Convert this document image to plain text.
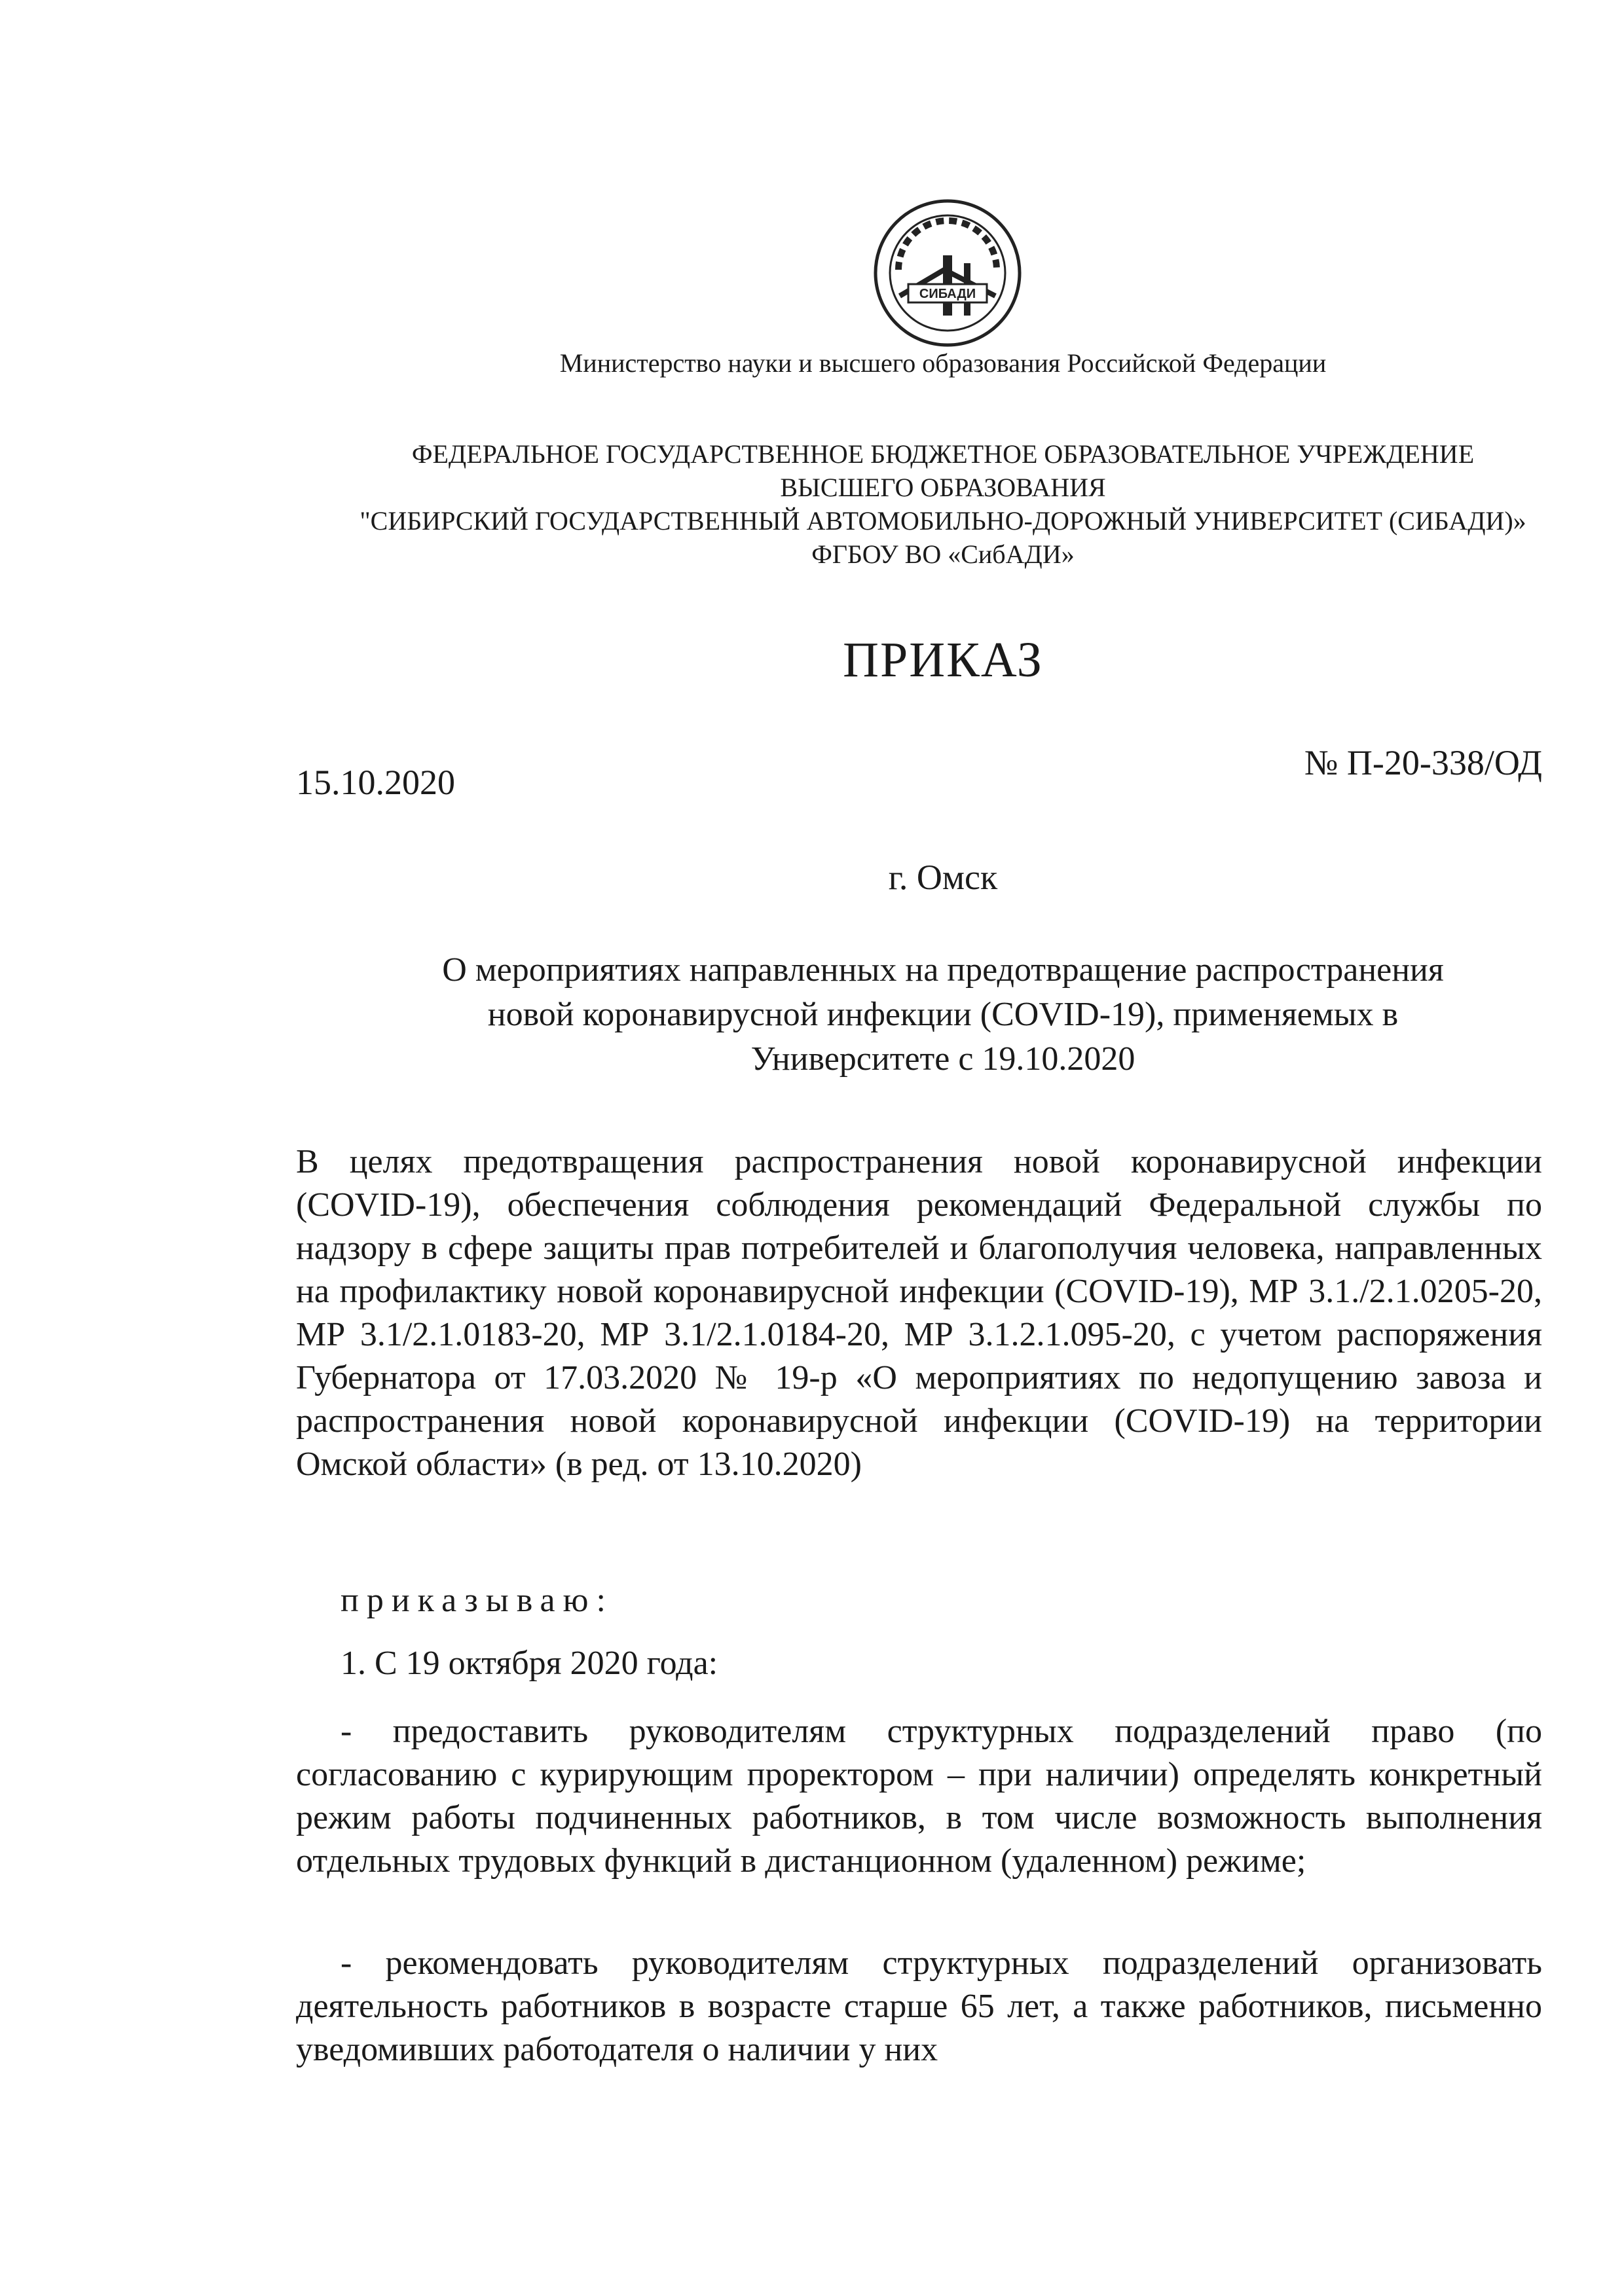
СИБАДИ
Министерство науки и высшего образования Российской Федерации
ФЕДЕРАЛЬНОЕ ГОСУДАРСТВЕННОЕ БЮДЖЕТНОЕ ОБРАЗОВАТЕЛЬНОЕ УЧРЕЖДЕНИЕ
ВЫСШЕГО ОБРАЗОВАНИЯ
"СИБИРСКИЙ ГОСУДАРСТВЕННЫЙ АВТОМОБИЛЬНО-ДОРОЖНЫЙ УНИВЕРСИТЕТ (СИБАДИ)»
ФГБОУ ВО «СибАДИ»
ПРИКАЗ
15.10.2020	№ П-20-338/ОД
г. Омск
О мероприятиях направленных на предотвращение распространения
новой коронавирусной инфекции (COVID-19), применяемых в
Университете с 19.10.2020
В целях предотвращения распространения новой коронавирусной инфекции (COVID-19), обеспечения соблюдения рекомендаций Федеральной службы по надзору в сфере защиты прав потребителей и благополучия человека, направленных на профилактику новой коронавирусной инфекции (COVID-19), МР 3.1./2.1.0205-20, МР 3.1/2.1.0183-20, МР 3.1/2.1.0184-20, МР 3.1.2.1.095-20, с учетом распоряжения Губернатора от 17.03.2020 № 19-р «О мероприятиях по недопущению завоза и распространения новой коронавирусной инфекции (COVID-19) на территории Омской области» (в ред. от 13.10.2020)
приказываю:
1. С 19 октября 2020 года:
- предоставить руководителям структурных подразделений право (по согласованию с курирующим проректором – при наличии) определять конкретный режим работы подчиненных работников, в том числе возможность выполнения отдельных трудовых функций в дистанционном (удаленном) режиме;
- рекомендовать руководителям структурных подразделений организовать деятельность работников в возрасте старше 65 лет, а также работников, письменно уведомивших работодателя о наличии у них
